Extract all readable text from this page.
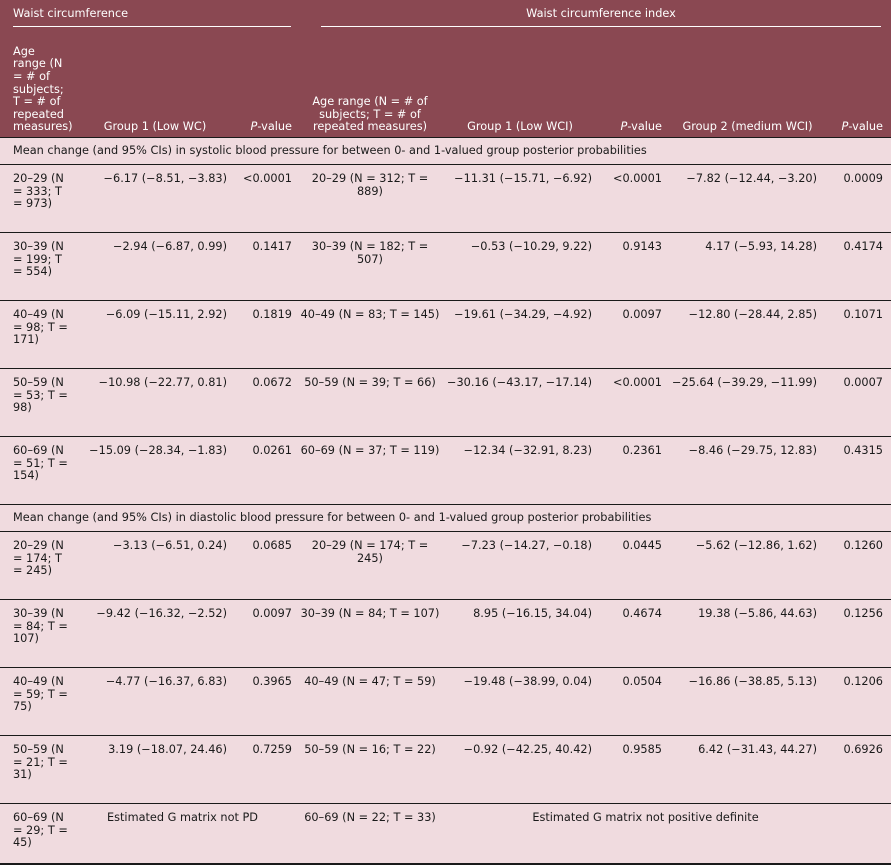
Waist circumference			Waist circumference index				
Age range (N = # of subjects; T = # of repeated measures)	Group 1 (Low WC)	P-value	Age range (N = # of subjects; T = # of repeated measures)	Group 1 (Low WCI)	P-value	Group 2 (medium WCI)	P-value
Mean change (and 95% CIs) in systolic blood pressure for between 0- and 1-valued group posterior probabilities							
20–29 (N = 333; T = 973)	−6.17 (−8.51, −3.83)	<0.0001	20–29 (N = 312; T = 889)	−11.31 (−15.71, −6.92)	<0.0001	−7.82 (−12.44, −3.20)	0.0009
30–39 (N = 199; T = 554)	−2.94 (−6.87, 0.99)	0.1417	30–39 (N = 182; T = 507)	−0.53 (−10.29, 9.22)	0.9143	4.17 (−5.93, 14.28)	0.4174
40–49 (N = 98; T = 171)	−6.09 (−15.11, 2.92)	0.1819	40–49 (N = 83; T = 145)	−19.61 (−34.29, −4.92)	0.0097	−12.80 (−28.44, 2.85)	0.1071
50–59 (N = 53; T = 98)	−10.98 (−22.77, 0.81)	0.0672	50–59 (N = 39; T = 66)	−30.16 (−43.17, −17.14)	<0.0001	−25.64 (−39.29, −11.99)	0.0007
60–69 (N = 51; T = 154)	−15.09 (−28.34, −1.83)	0.0261	60–69 (N = 37; T = 119)	−12.34 (−32.91, 8.23)	0.2361	−8.46 (−29.75, 12.83)	0.4315
Mean change (and 95% CIs) in diastolic blood pressure for between 0- and 1-valued group posterior probabilities							
20–29 (N = 174; T = 245)	−3.13 (−6.51, 0.24)	0.0685	20–29 (N = 174; T = 245)	−7.23 (−14.27, −0.18)	0.0445	−5.62 (−12.86, 1.62)	0.1260
30–39 (N = 84; T = 107)	−9.42 (−16.32, −2.52)	0.0097	30–39 (N = 84; T = 107)	8.95 (−16.15, 34.04)	0.4674	19.38 (−5.86, 44.63)	0.1256
40–49 (N = 59; T = 75)	−4.77 (−16.37, 6.83)	0.3965	40–49 (N = 47; T = 59)	−19.48 (−38.99, 0.04)	0.0504	−16.86 (−38.85, 5.13)	0.1206
50–59 (N = 21; T = 31)	3.19 (−18.07, 24.46)	0.7259	50–59 (N = 16; T = 22)	−0.92 (−42.25, 40.42)	0.9585	6.42 (−31.43, 44.27)	0.6926
60–69 (N = 29; T = 45)	Estimated G matrix not PD		60–69 (N = 22; T = 33)	Estimated G matrix not positive definite			
